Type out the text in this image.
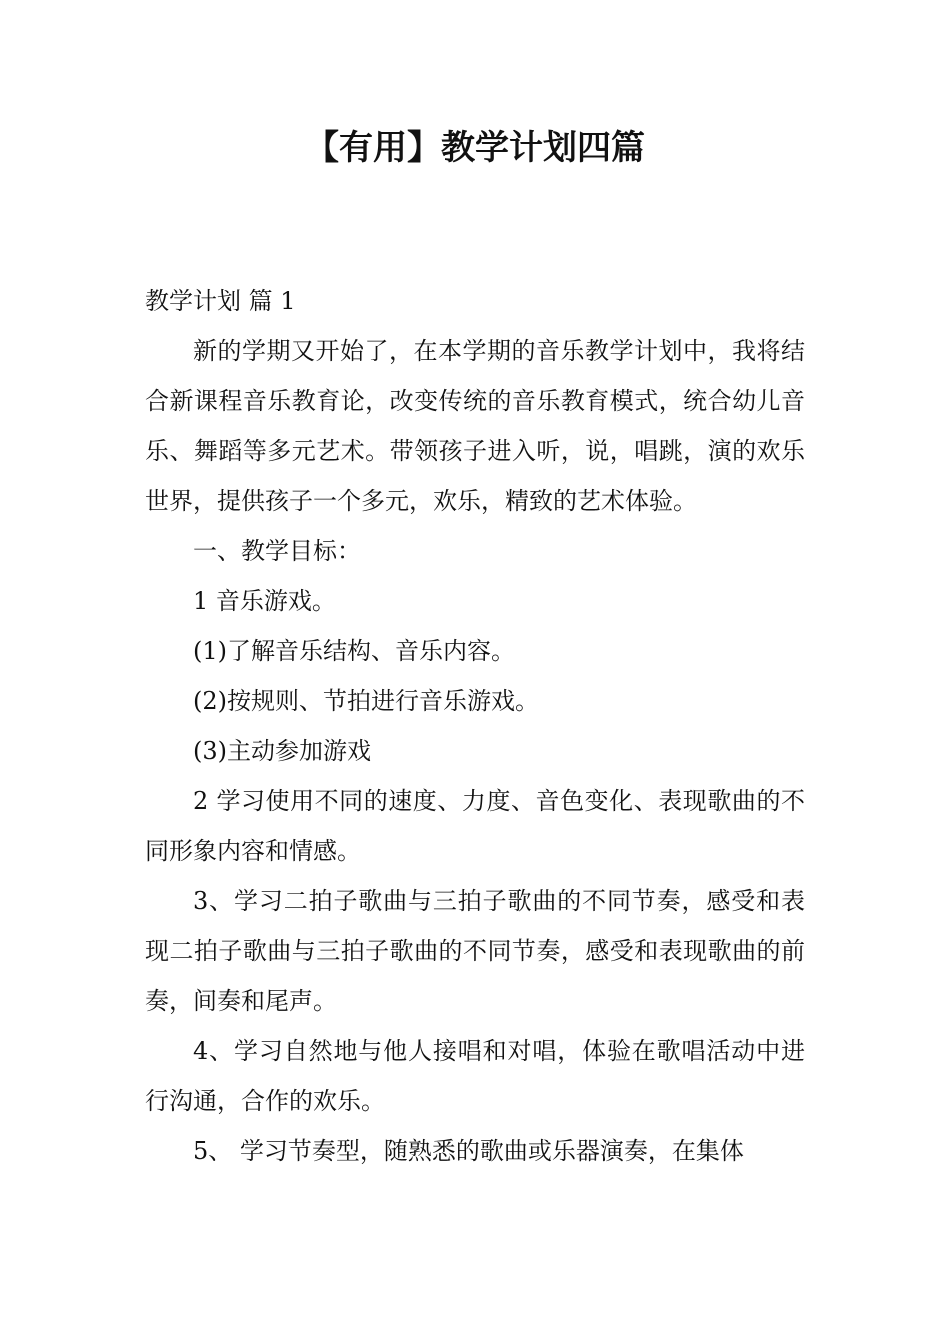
【有用】教学计划四篇

教学计划 篇 1

新的学期又开始了，在本学期的音乐教学计划中，我将结合新课程音乐教育论，改变传统的音乐教育模式，统合幼儿音乐、舞蹈等多元艺术。带领孩子进入听，说，唱跳，演的欢乐世界，提供孩子一个多元，欢乐，精致的艺术体验。

一、教学目标：

1 音乐游戏。

(1)了解音乐结构、音乐内容。

(2)按规则、节拍进行音乐游戏。

(3)主动参加游戏

2 学习使用不同的速度、力度、音色变化、表现歌曲的不同形象内容和情感。

3、学习二拍子歌曲与三拍子歌曲的不同节奏，感受和表现二拍子歌曲与三拍子歌曲的不同节奏，感受和表现歌曲的前奏，间奏和尾声。

4、学习自然地与他人接唱和对唱，体验在歌唱活动中进行沟通，合作的欢乐。

5、 学习节奏型，随熟悉的歌曲或乐器演奏，在集体
